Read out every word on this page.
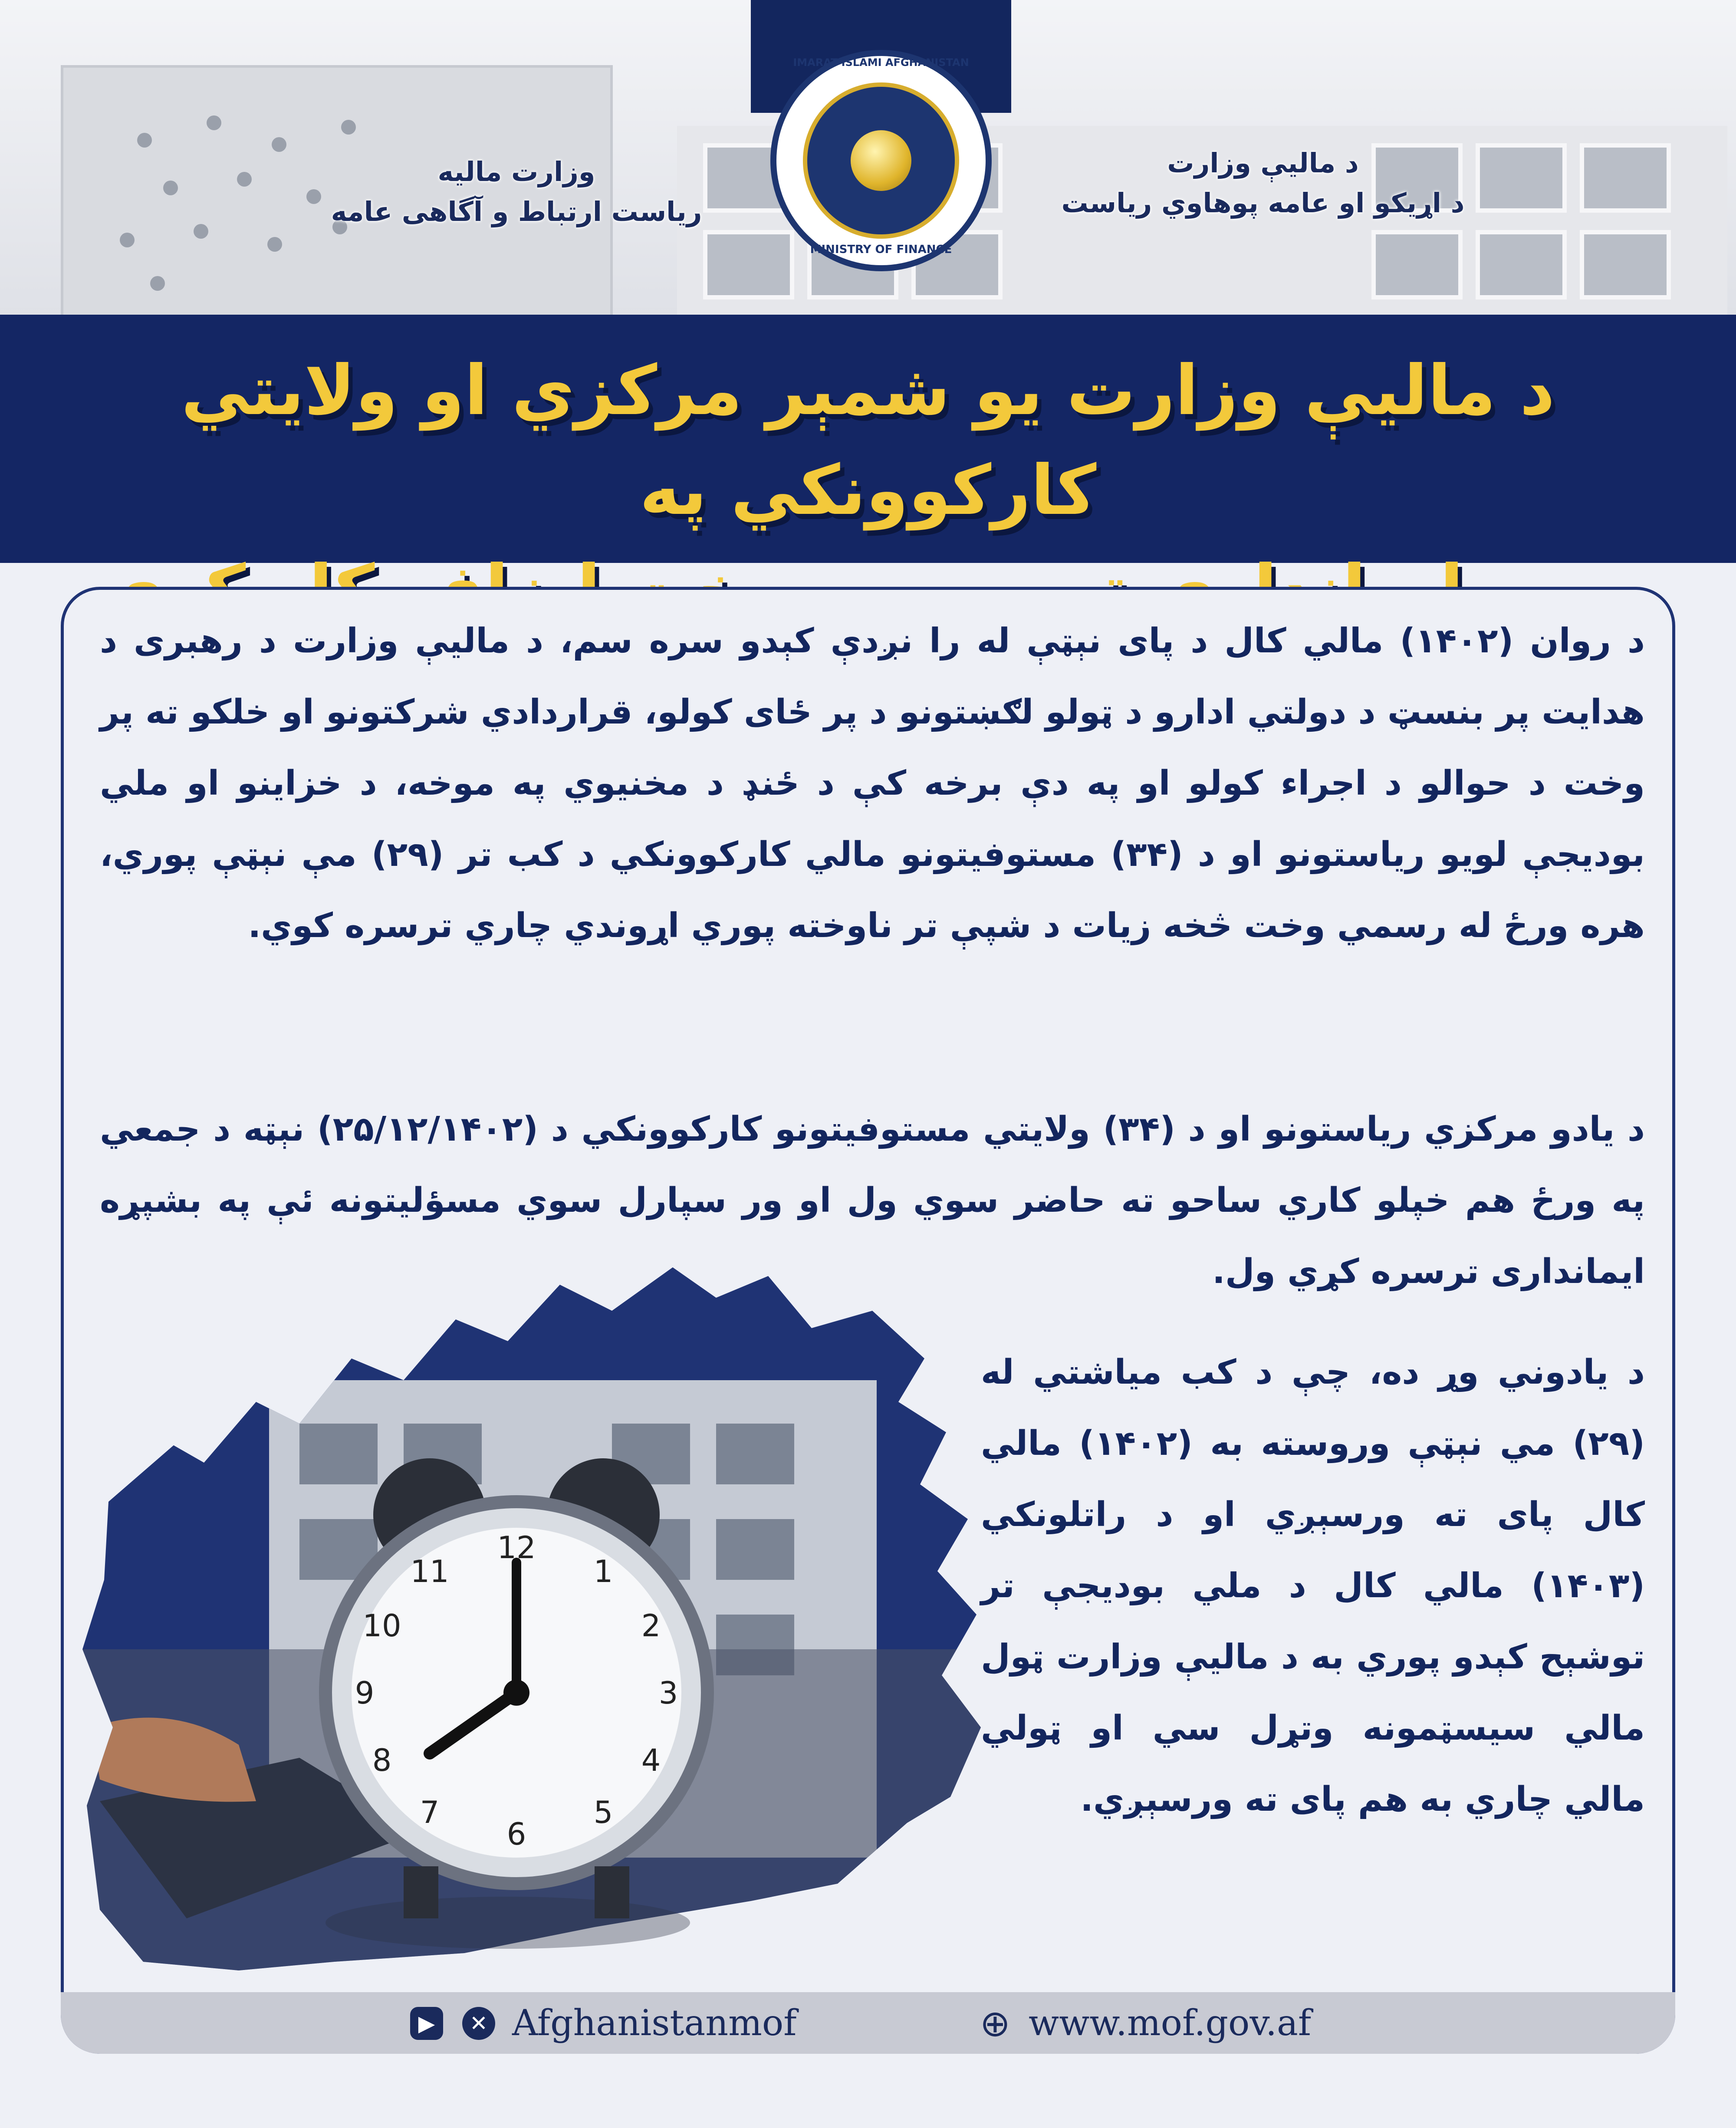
IMARAT ISLAMI AFGHANISTAN
MINISTRY OF FINANCE
وزارت مالیه
ریاست ارتباط و آگاهی عامه
د مالیې وزارت
د اړیکو او عامه پوهاوي ریاست
د ماليې وزارت يو شمېر مرکزي او ولايتي کارکوونکي په
12
1
2
3
4
5
6
7
8
9
10
11
د روان (۱۴۰۲) مالي کال د پای نېټې له را نږدې کېدو سره سم، د ماليې وزارت د رهبری د هدايت پر بنسټ د دولتي ادارو د ټولو لګښتونو د پر ځای کولو، قراردادي شرکتونو او خلکو ته پر وخت د حوالو د اجراء کولو او په دې برخه کې د ځنډ د مخنيوي په موخه، د خزاينو او ملي بوديجې لويو رياستونو او د (۳۴) مستوفيتونو مالي کارکوونکي د کب تر (۲۹) مې نېټې پوري، هره ورځ له رسمي وخت څخه زيات د شپې تر ناوخته پوري اړوندي چاري ترسره کوي.
د يادو مرکزي رياستونو او د (۳۴) ولايتي مستوفيتونو کارکوونکي د (۲۵/۱۲/۱۴۰۲) نېټه د جمعي په ورځ هم خپلو کاري ساحو ته حاضر سوي ول او ور سپارل سوي مسؤليتونه ئې په بشپړه ايمانداری ترسره کړي ول.
د يادوني وړ ده، چې د کب مياشتي له (۲۹) مي نېټې وروسته به (۱۴۰۲) مالي کال پای ته ورسېږي او د راتلونکي (۱۴۰۳) مالي کال د ملي بوديجې تر توشېح کېدو پوري به د ماليې وزارت ټول مالي سيسټمونه وتړل سي او ټولي مالي چاري به هم پای ته ورسېږي.
▶	✕ Afghanistanmof	⊕ www.mof.gov.af
